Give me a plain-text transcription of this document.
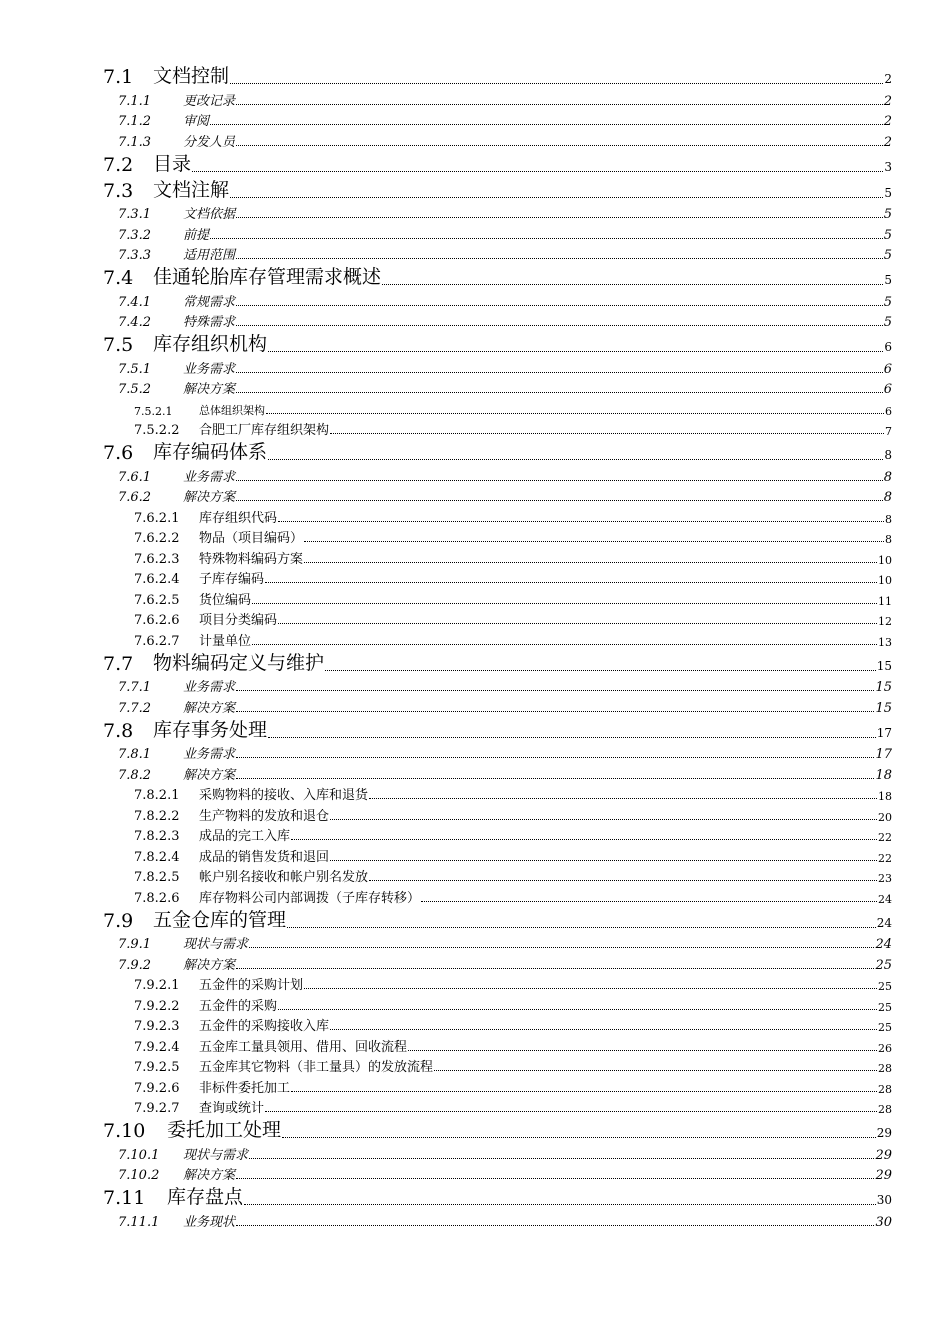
7.1	文档控制	2
7.1.1	更改记录	2
7.1.2	审阅	2
7.1.3	分发人员	2
7.2	目录	3
7.3	文档注解	5
7.3.1	文档依据	5
7.3.2	前提	5
7.3.3	适用范围	5
7.4	佳通轮胎库存管理需求概述	5
7.4.1	常规需求	5
7.4.2	特殊需求	5
7.5	库存组织机构	6
7.5.1	业务需求	6
7.5.2	解决方案	6
7.5.2.1	总体组织架构	6
7.5.2.2	合肥工厂库存组织架构	7
7.6	库存编码体系	8
7.6.1	业务需求	8
7.6.2	解决方案	8
7.6.2.1	库存组织代码	8
7.6.2.2	物品（项目编码）	8
7.6.2.3	特殊物料编码方案	10
7.6.2.4	子库存编码	10
7.6.2.5	货位编码	11
7.6.2.6	项目分类编码	12
7.6.2.7	计量单位	13
7.7	物料编码定义与维护	15
7.7.1	业务需求	15
7.7.2	解决方案	15
7.8	库存事务处理	17
7.8.1	业务需求	17
7.8.2	解决方案	18
7.8.2.1	采购物料的接收、入库和退货	18
7.8.2.2	生产物料的发放和退仓	20
7.8.2.3	成品的完工入库	22
7.8.2.4	成品的销售发货和退回	22
7.8.2.5	帐户别名接收和帐户别名发放	23
7.8.2.6	库存物料公司内部调拨（子库存转移）	24
7.9	五金仓库的管理	24
7.9.1	现状与需求	24
7.9.2	解决方案	25
7.9.2.1	五金件的采购计划	25
7.9.2.2	五金件的采购	25
7.9.2.3	五金件的采购接收入库	25
7.9.2.4	五金库工量具领用、借用、回收流程	26
7.9.2.5	五金库其它物料（非工量具）的发放流程	28
7.9.2.6	非标件委托加工	28
7.9.2.7	查询或统计	28
7.10	委托加工处理	29
7.10.1	现状与需求	29
7.10.2	解决方案	29
7.11	库存盘点	30
7.11.1	业务现状	30
